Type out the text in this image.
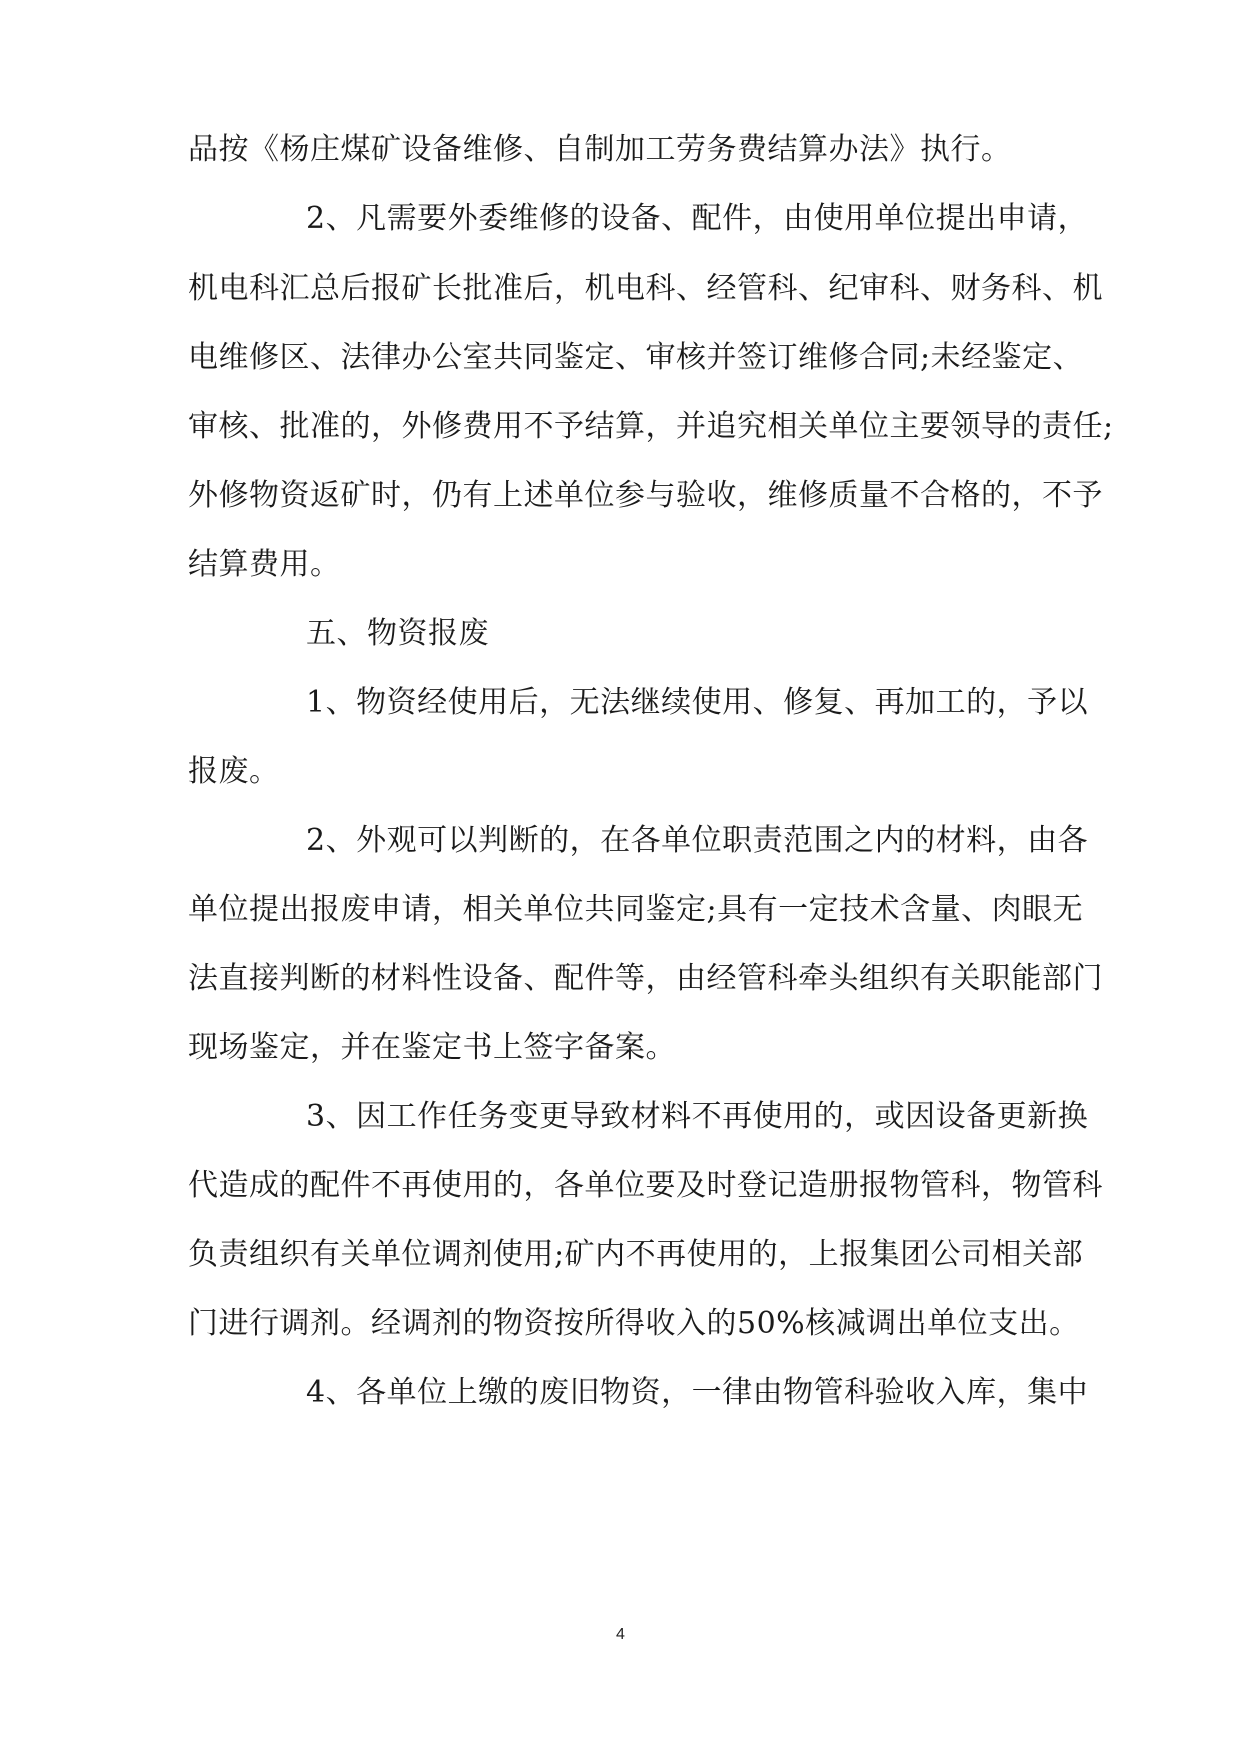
品按《杨庄煤矿设备维修、自制加工劳务费结算办法》执行。
2、凡需要外委维修的设备、配件，由使用单位提出申请，
机电科汇总后报矿长批准后，机电科、经管科、纪审科、财务科、机
电维修区、法律办公室共同鉴定、审核并签订维修合同;未经鉴定、
审核、批准的，外修费用不予结算，并追究相关单位主要领导的责任;
外修物资返矿时，仍有上述单位参与验收，维修质量不合格的，不予
结算费用。
五、物资报废
1、物资经使用后，无法继续使用、修复、再加工的，予以
报废。
2、外观可以判断的，在各单位职责范围之内的材料，由各
单位提出报废申请，相关单位共同鉴定;具有一定技术含量、肉眼无
法直接判断的材料性设备、配件等，由经管科牵头组织有关职能部门
现场鉴定，并在鉴定书上签字备案。
3、因工作任务变更导致材料不再使用的，或因设备更新换
代造成的配件不再使用的，各单位要及时登记造册报物管科，物管科
负责组织有关单位调剂使用;矿内不再使用的，上报集团公司相关部
门进行调剂。经调剂的物资按所得收入的50%核减调出单位支出。
4、各单位上缴的废旧物资，一律由物管科验收入库，集中
4
